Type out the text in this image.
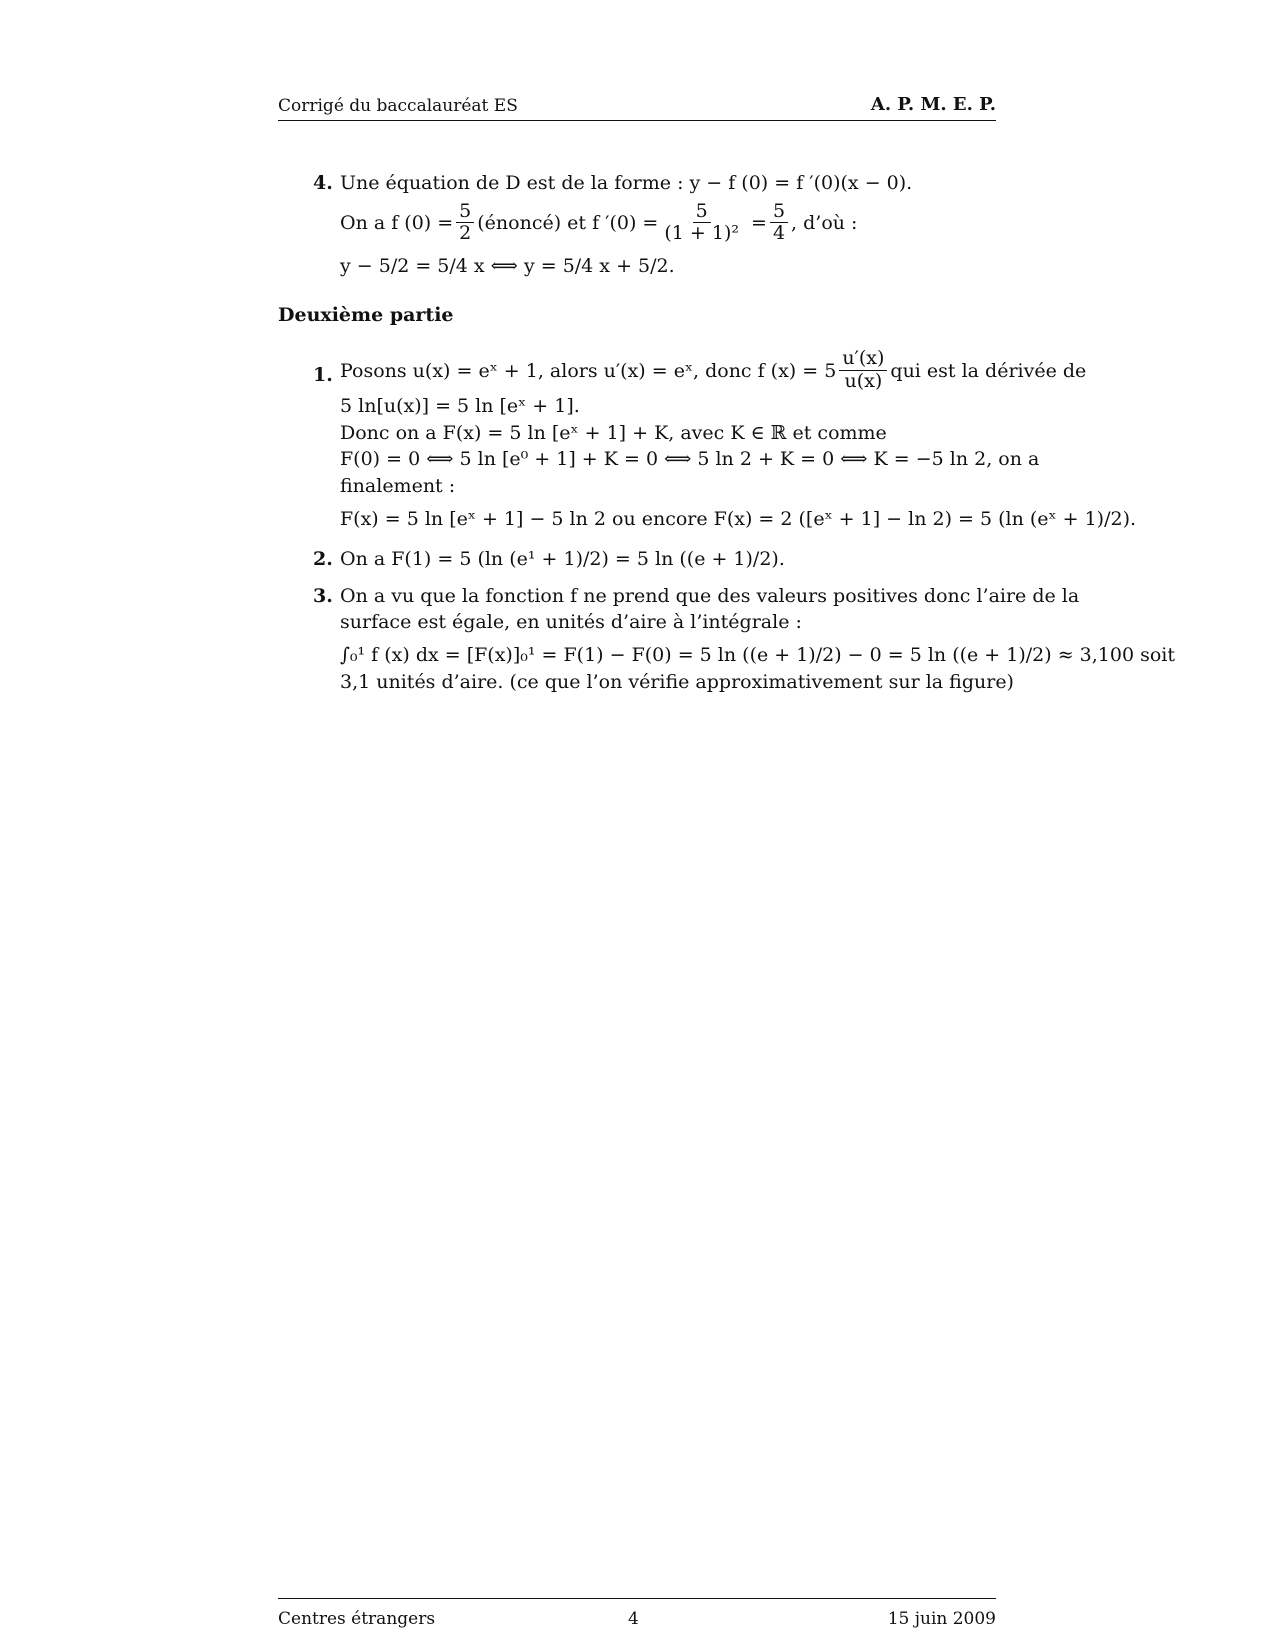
Corrigé du baccalauréat ES	A. P. M. E. P.
4. Une équation de D est de la forme : y − f (0) = f ′(0)(x − 0).
On a f $(0) = \frac{5}{2}$ (énoncé) et f $'(0) = \frac{5}{\text{(1 + 1)²}} = \frac{5}{4}$ , d’où :
y − 5/2 = 5/4 x ⟺ y = 5/4 x + 5/2.
Deuxième partie
1. Posons u(x) = eˣ + 1, alors u′(x) = eˣ, donc f $(x) = 5 \frac{u'(x)}{u(x)}$ qui est la dérivée de
5 ln[u(x)] = 5 ln [eˣ + 1].
Donc on a F(x) = 5 ln [eˣ + 1] + K, avec K ∈ ℝ et comme
F(0) = 0 ⟺ 5 ln [e⁰ + 1] + K = 0 ⟺ 5 ln 2 + K = 0 ⟺ K = −5 ln 2, on a
finalement :
F(x) = 5 ln [eˣ + 1] − 5 ln 2 ou encore F(x) = 2 ([eˣ + 1] − ln 2) = 5 (ln (eˣ + 1)/2).
2. On a F(1) = 5 (ln (e¹ + 1)/2) = 5 ln ((e + 1)/2).
3. On a vu que la fonction f ne prend que des valeurs positives donc l’aire de la
surface est égale, en unités d’aire à l’intégrale :
∫₀¹ f (x) dx = [F(x)]₀¹ = F(1) − F(0) = 5 ln ((e + 1)/2) − 0 = 5 ln ((e + 1)/2) ≈ 3,100 soit
3,1 unités d’aire. (ce que l’on vérifie approximativement sur la figure)
Centres étrangers	4	15 juin 2009
